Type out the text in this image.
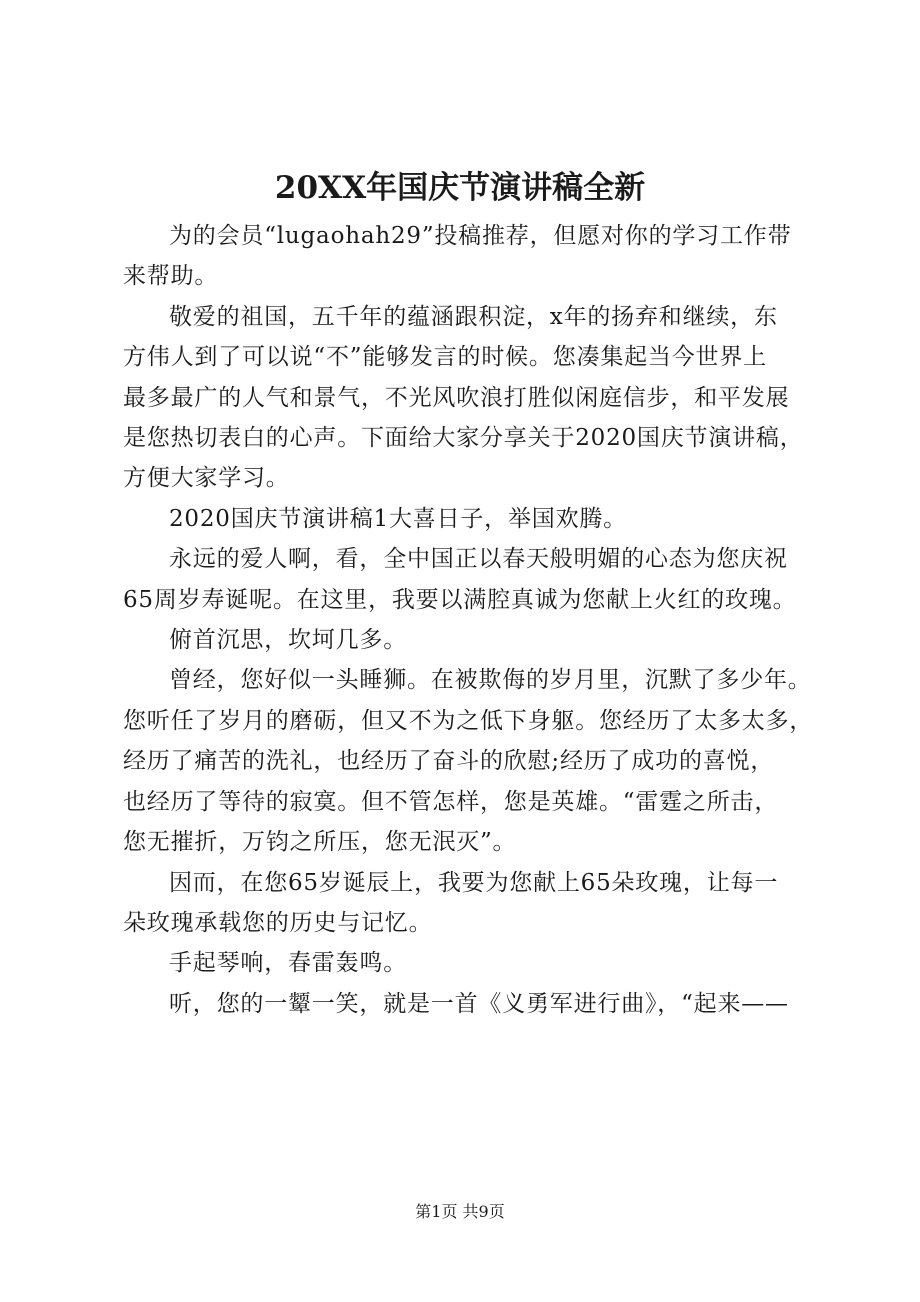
20XX年国庆节演讲稿全新

为的会员“lugaohah29”投稿推荐，但愿对你的学习工作带
来帮助。

敬爱的祖国，五千年的蕴涵跟积淀，x年的扬弃和继续，东
方伟人到了可以说“不”能够发言的时候。您凑集起当今世界上
最多最广的人气和景气，不光风吹浪打胜似闲庭信步，和平发展
是您热切表白的心声。下面给大家分享关于2020国庆节演讲稿，
方便大家学习。

2020国庆节演讲稿1大喜日子，举国欢腾。

永远的爱人啊，看，全中国正以春天般明媚的心态为您庆祝
65周岁寿诞呢。在这里，我要以满腔真诚为您献上火红的玫瑰。

俯首沉思，坎坷几多。

曾经，您好似一头睡狮。在被欺侮的岁月里，沉默了多少年。
您听任了岁月的磨砺，但又不为之低下身躯。您经历了太多太多，
经历了痛苦的洗礼，也经历了奋斗的欣慰;经历了成功的喜悦，
也经历了等待的寂寞。但不管怎样，您是英雄。“雷霆之所击，
您无摧折，万钧之所压，您无泯灭”。

因而，在您65岁诞辰上，我要为您献上65朵玫瑰，让每一
朵玫瑰承载您的历史与记忆。

手起琴响，春雷轰鸣。

听，您的一颦一笑，就是一首《义勇军进行曲》，“起来——

第1页 共9页
